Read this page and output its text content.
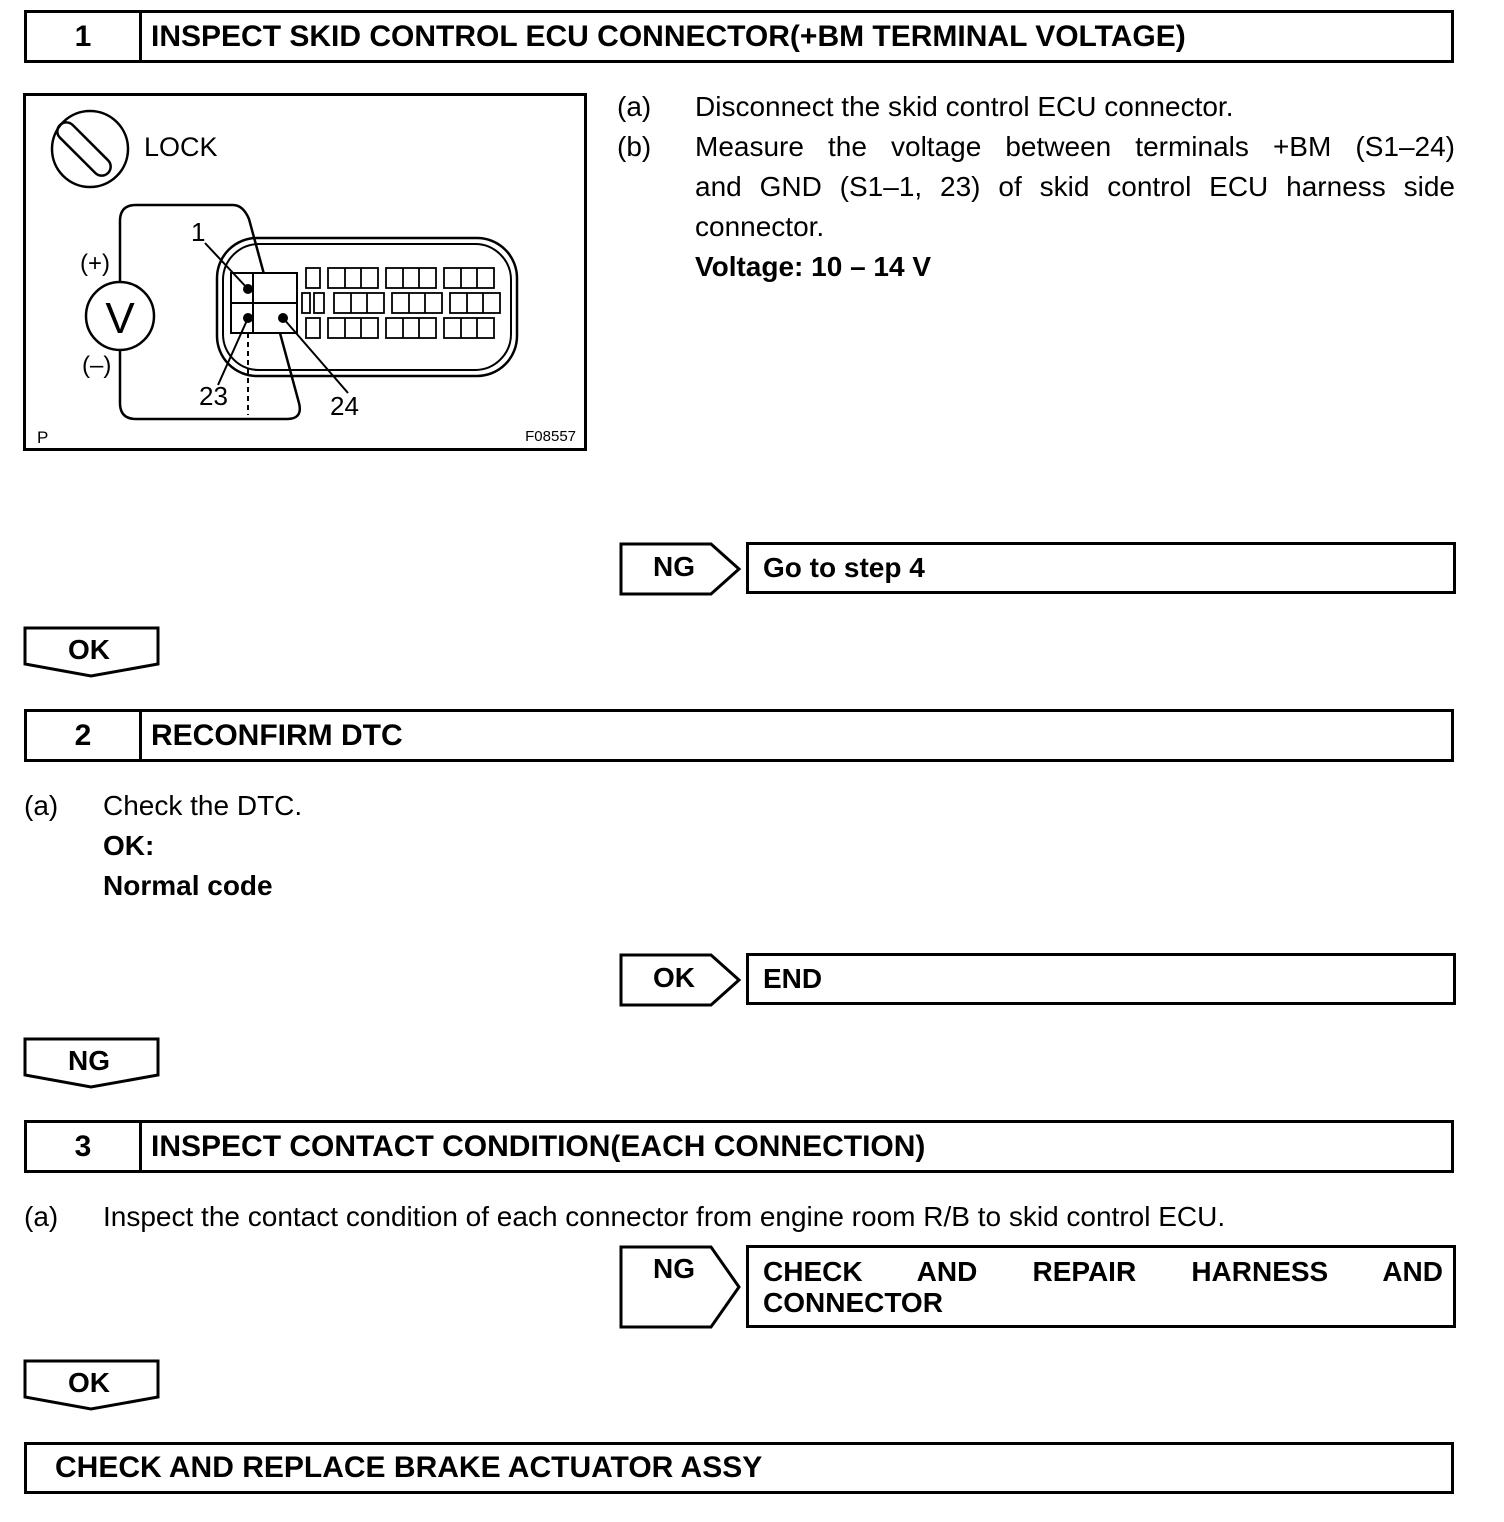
1	INSPECT SKID CONTROL ECU CONNECTOR(+BM TERMINAL VOLTAGE)
LOCK
V
(+)
(–)
1
23	24
P	F08557
(a) Disconnect the skid control ECU connector.
(b) Measure the voltage between terminals +BM (S1–24)
and GND (S1–1, 23) of skid control ECU harness side
connector.
Voltage: 10 – 14 V
NG	Go to step 4
OK
2	RECONFIRM DTC
(a) Check the DTC.
OK:
Normal code
OK	END
NG
3	INSPECT CONTACT CONDITION(EACH CONNECTION)
(a) Inspect the contact condition of each connector from engine room R/B to skid control ECU.
NG	CHECK AND REPAIR HARNESS AND
CONNECTOR
OK
CHECK AND REPLACE BRAKE ACTUATOR ASSY
